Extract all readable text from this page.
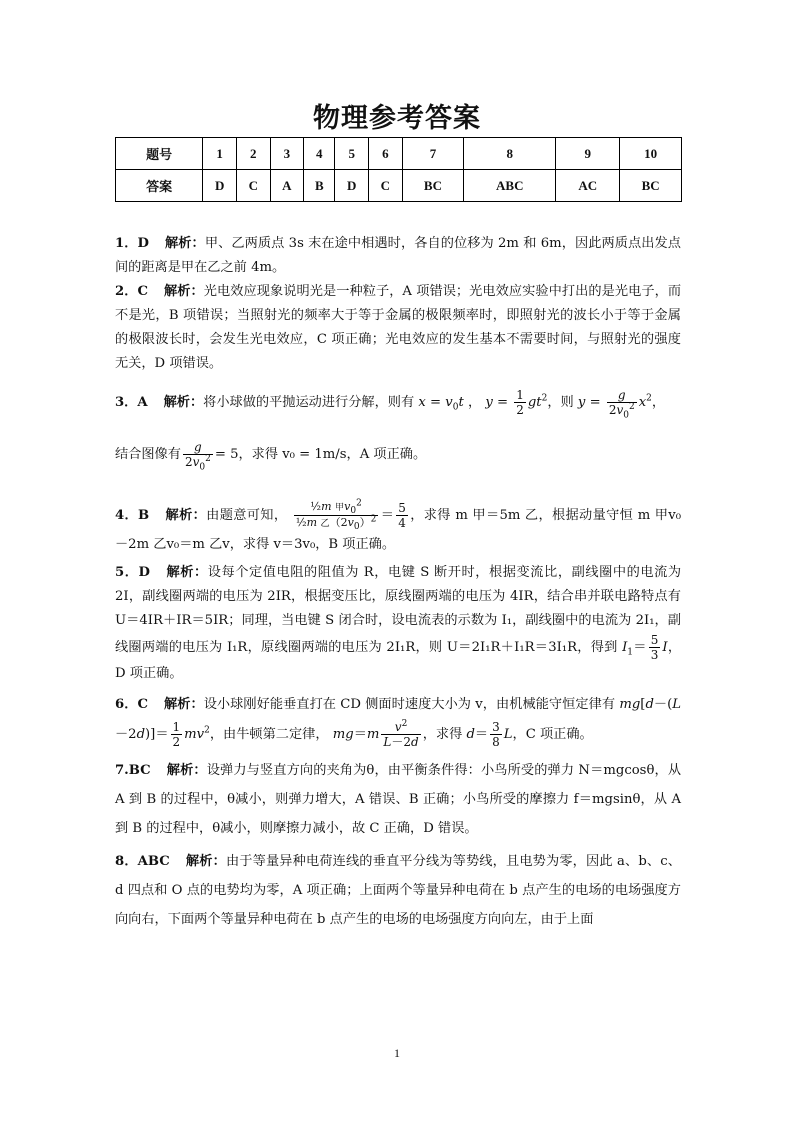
物理参考答案
题号	1	2	3	4	5	6	7	8	9	10
答案	D	C	A	B	D	C	BC	ABC	AC	BC

1．D 解析：甲、乙两质点 3s 末在途中相遇时，各自的位移为 2m 和 6m，因此两质点出发点间的距离是甲在乙之前 4m。

2．C 解析：光电效应现象说明光是一种粒子，A 项错误；光电效应实验中打出的是光电子，而不是光，B 项错误；当照射光的频率大于等于金属的极限频率时，即照射光的波长小于等于金属的极限波长时，会发生光电效应，C 项正确；光电效应的发生基本不需要时间，与照射光的强度无关，D 项错误。

3．A 解析：将小球做的平抛运动进行分解，则有 $x = v_0t$ ， $y = \frac{1}{2} gt^2$，则 $y = \frac{g}{2v_0^2} x^2$，

结合图像有 $\frac{g}{2v_0^2} = 5$，求得 v₀ = 1m/s，A 项正确。

4．B 解析：由题意可知， $\frac{\frac{1}{2}m 甲v_0^2}{\frac{1}{2}m 乙(2v_0)^2} = \frac{5}{4}$ ，求得 m 甲＝5m 乙，根据动量守恒 m 甲v₀－2m 乙v₀＝m 乙v，求得 v＝3v₀，B 项正确。

5．D 解析：设每个定值电阻的阻值为 R，电键 S 断开时，根据变流比，副线圈中的电流为 2I，副线圈两端的电压为 2IR，根据变压比，原线圈两端的电压为 4IR，结合串并联电路特点有 U＝4IR＋IR＝5IR；同理，当电键 S 闭合时，设电流表的示数为 I₁，副线圈中的电流为 2I₁，副线圈两端的电压为 I₁R，原线圈两端的电压为 2I₁R，则 U＝2I₁R＋I₁R＝3I₁R，得到 $I_1= \frac{5}{3}$ I，D 项正确。

6．C 解析：设小球刚好能垂直打在 CD 侧面时速度大小为 v，由机械能守恒定律有 $mg[d-(L-2d)]= \frac{1}{2} mv^2$，由牛顿第二定律， $mg=m \frac{v^2}{L-2d}$ ，求得 $d= \frac{3}{8}$ L，C 项正确。

7.BC 解析：设弹力与竖直方向的夹角为θ，由平衡条件得：小鸟所受的弹力 N＝mgcosθ，从 A 到 B 的过程中，θ减小，则弹力增大，A 错误、B 正确；小鸟所受的摩擦力 f＝mgsinθ，从 A 到 B 的过程中，θ减小，则摩擦力减小，故 C 正确，D 错误。

8．ABC 解析：由于等量异种电荷连线的垂直平分线为等势线，且电势为零，因此 a、b、c、d 四点和 O 点的电势均为零，A 项正确；上面两个等量异种电荷在 b 点产生的电场的电场强度方向向右，下面两个等量异种电荷在 b 点产生的电场的电场强度方向向左，由于上面

1
